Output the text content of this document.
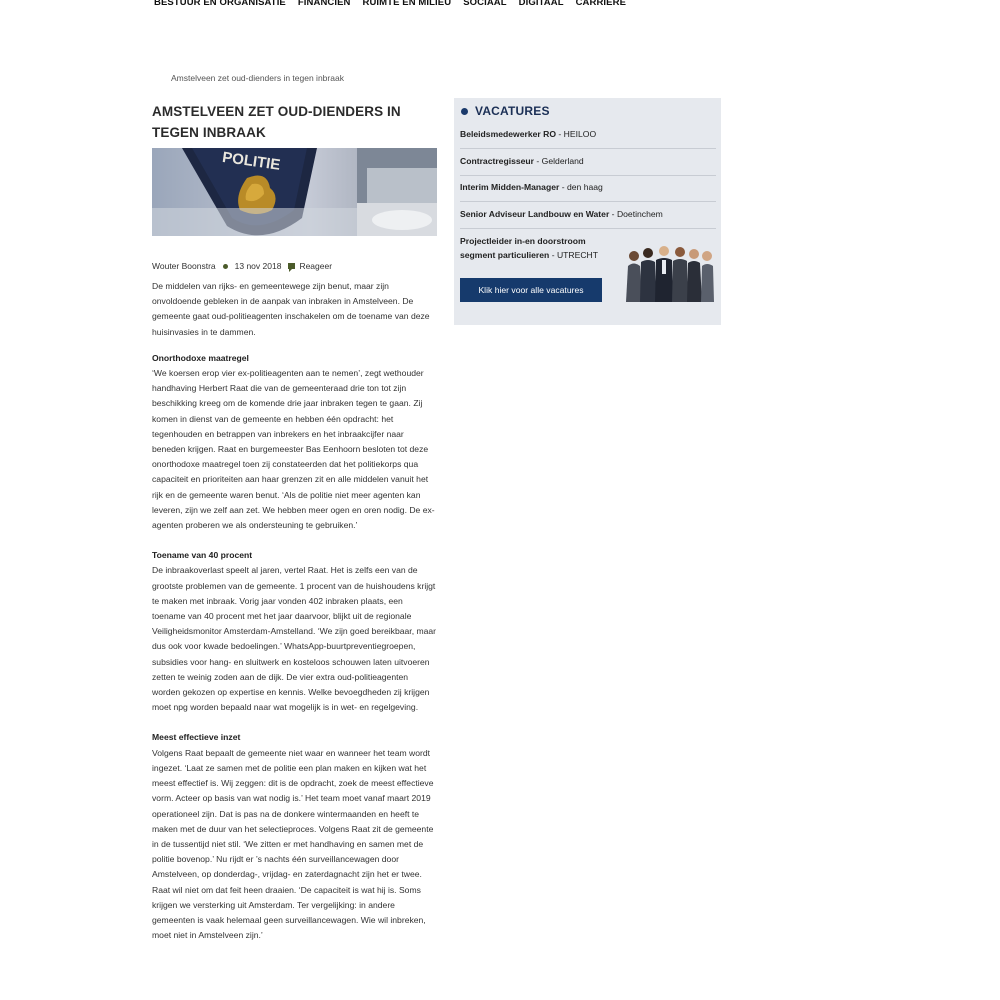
BESTUUR EN ORGANISATIE FINANCIEN RUIMTE EN MILIEU SOCIAAL DIGITAAL CARRIERE
Amstelveen zet oud-dienders in tegen inbraak
AMSTELVEEN ZET OUD-DIENDERS IN TEGEN INBRAAK
POLITIE
Wouter Boonstra 13 nov 2018	Reageer

De middelen van rijks- en gemeentewege zijn benut, maar zijn onvoldoende gebleken in de aanpak van inbraken in Amstelveen. De gemeente gaat oud-politieagenten inschakelen om de toename van deze huisinvasies in te dammen.

Onorthodoxe maatregel

‘We koersen erop vier ex-politieagenten aan te nemen’, zegt wethouder handhaving Herbert Raat die van de gemeenteraad drie ton tot zijn beschikking kreeg om de komende drie jaar inbraken tegen te gaan. Zij komen in dienst van de gemeente en hebben één opdracht: het tegenhouden en betrappen van inbrekers en het inbraakcijfer naar beneden krijgen. Raat en burgemeester Bas Eenhoorn besloten tot deze onorthodoxe maatregel toen zij constateerden dat het politiekorps qua capaciteit en prioriteiten aan haar grenzen zit en alle middelen vanuit het rijk en de gemeente waren benut. ‘Als de politie niet meer agenten kan leveren, zijn we zelf aan zet. We hebben meer ogen en oren nodig. De ex-agenten proberen we als ondersteuning te gebruiken.’

Toename van 40 procent

De inbraakoverlast speelt al jaren, vertel Raat. Het is zelfs een van de grootste problemen van de gemeente. 1 procent van de huishoudens krijgt te maken met inbraak. Vorig jaar vonden 402 inbraken plaats, een toename van 40 procent met het jaar daarvoor, blijkt uit de regionale Veiligheidsmonitor Amsterdam-Amstelland. ‘We zijn goed bereikbaar, maar dus ook voor kwade bedoelingen.’ WhatsApp-buurtpreventiegroepen, subsidies voor hang- en sluitwerk en kosteloos schouwen laten uitvoeren zetten te weinig zoden aan de dijk. De vier extra oud-politieagenten worden gekozen op expertise en kennis. Welke bevoegdheden zij krijgen moet npg worden bepaald naar wat mogelijk is in wet- en regelgeving.

Meest effectieve inzet

Volgens Raat bepaalt de gemeente niet waar en wanneer het team wordt ingezet. ‘Laat ze samen met de politie een plan maken en kijken wat het meest effectief is. Wij zeggen: dit is de opdracht, zoek de meest effectieve vorm. Acteer op basis van wat nodig is.’ Het team moet vanaf maart 2019 operationeel zijn. Dat is pas na de donkere wintermaanden en heeft te maken met de duur van het selectieproces. Volgens Raat zit de gemeente in de tussentijd niet stil. ‘We zitten er met handhaving en samen met de politie bovenop.’ Nu rijdt er ’s nachts één surveillancewagen door Amstelveen, op donderdag-, vrijdag- en zaterdagnacht zijn het er twee. Raat wil niet om dat feit heen draaien. ‘De capaciteit is wat hij is. Soms krijgen we versterking uit Amsterdam. Ter vergelijking: in andere gemeenten is vaak helemaal geen surveillancewagen. Wie wil inbreken, moet niet in Amstelveen zijn.’

VACATURES
Beleidsmedewerker RO - HEILOO
Contractregisseur - Gelderland
Interim Midden-Manager - den haag
Senior Adviseur Landbouw en Water - Doetinchem
Projectleider in-en doorstroom segment particulieren - UTRECHT
Klik hier voor alle vacatures
